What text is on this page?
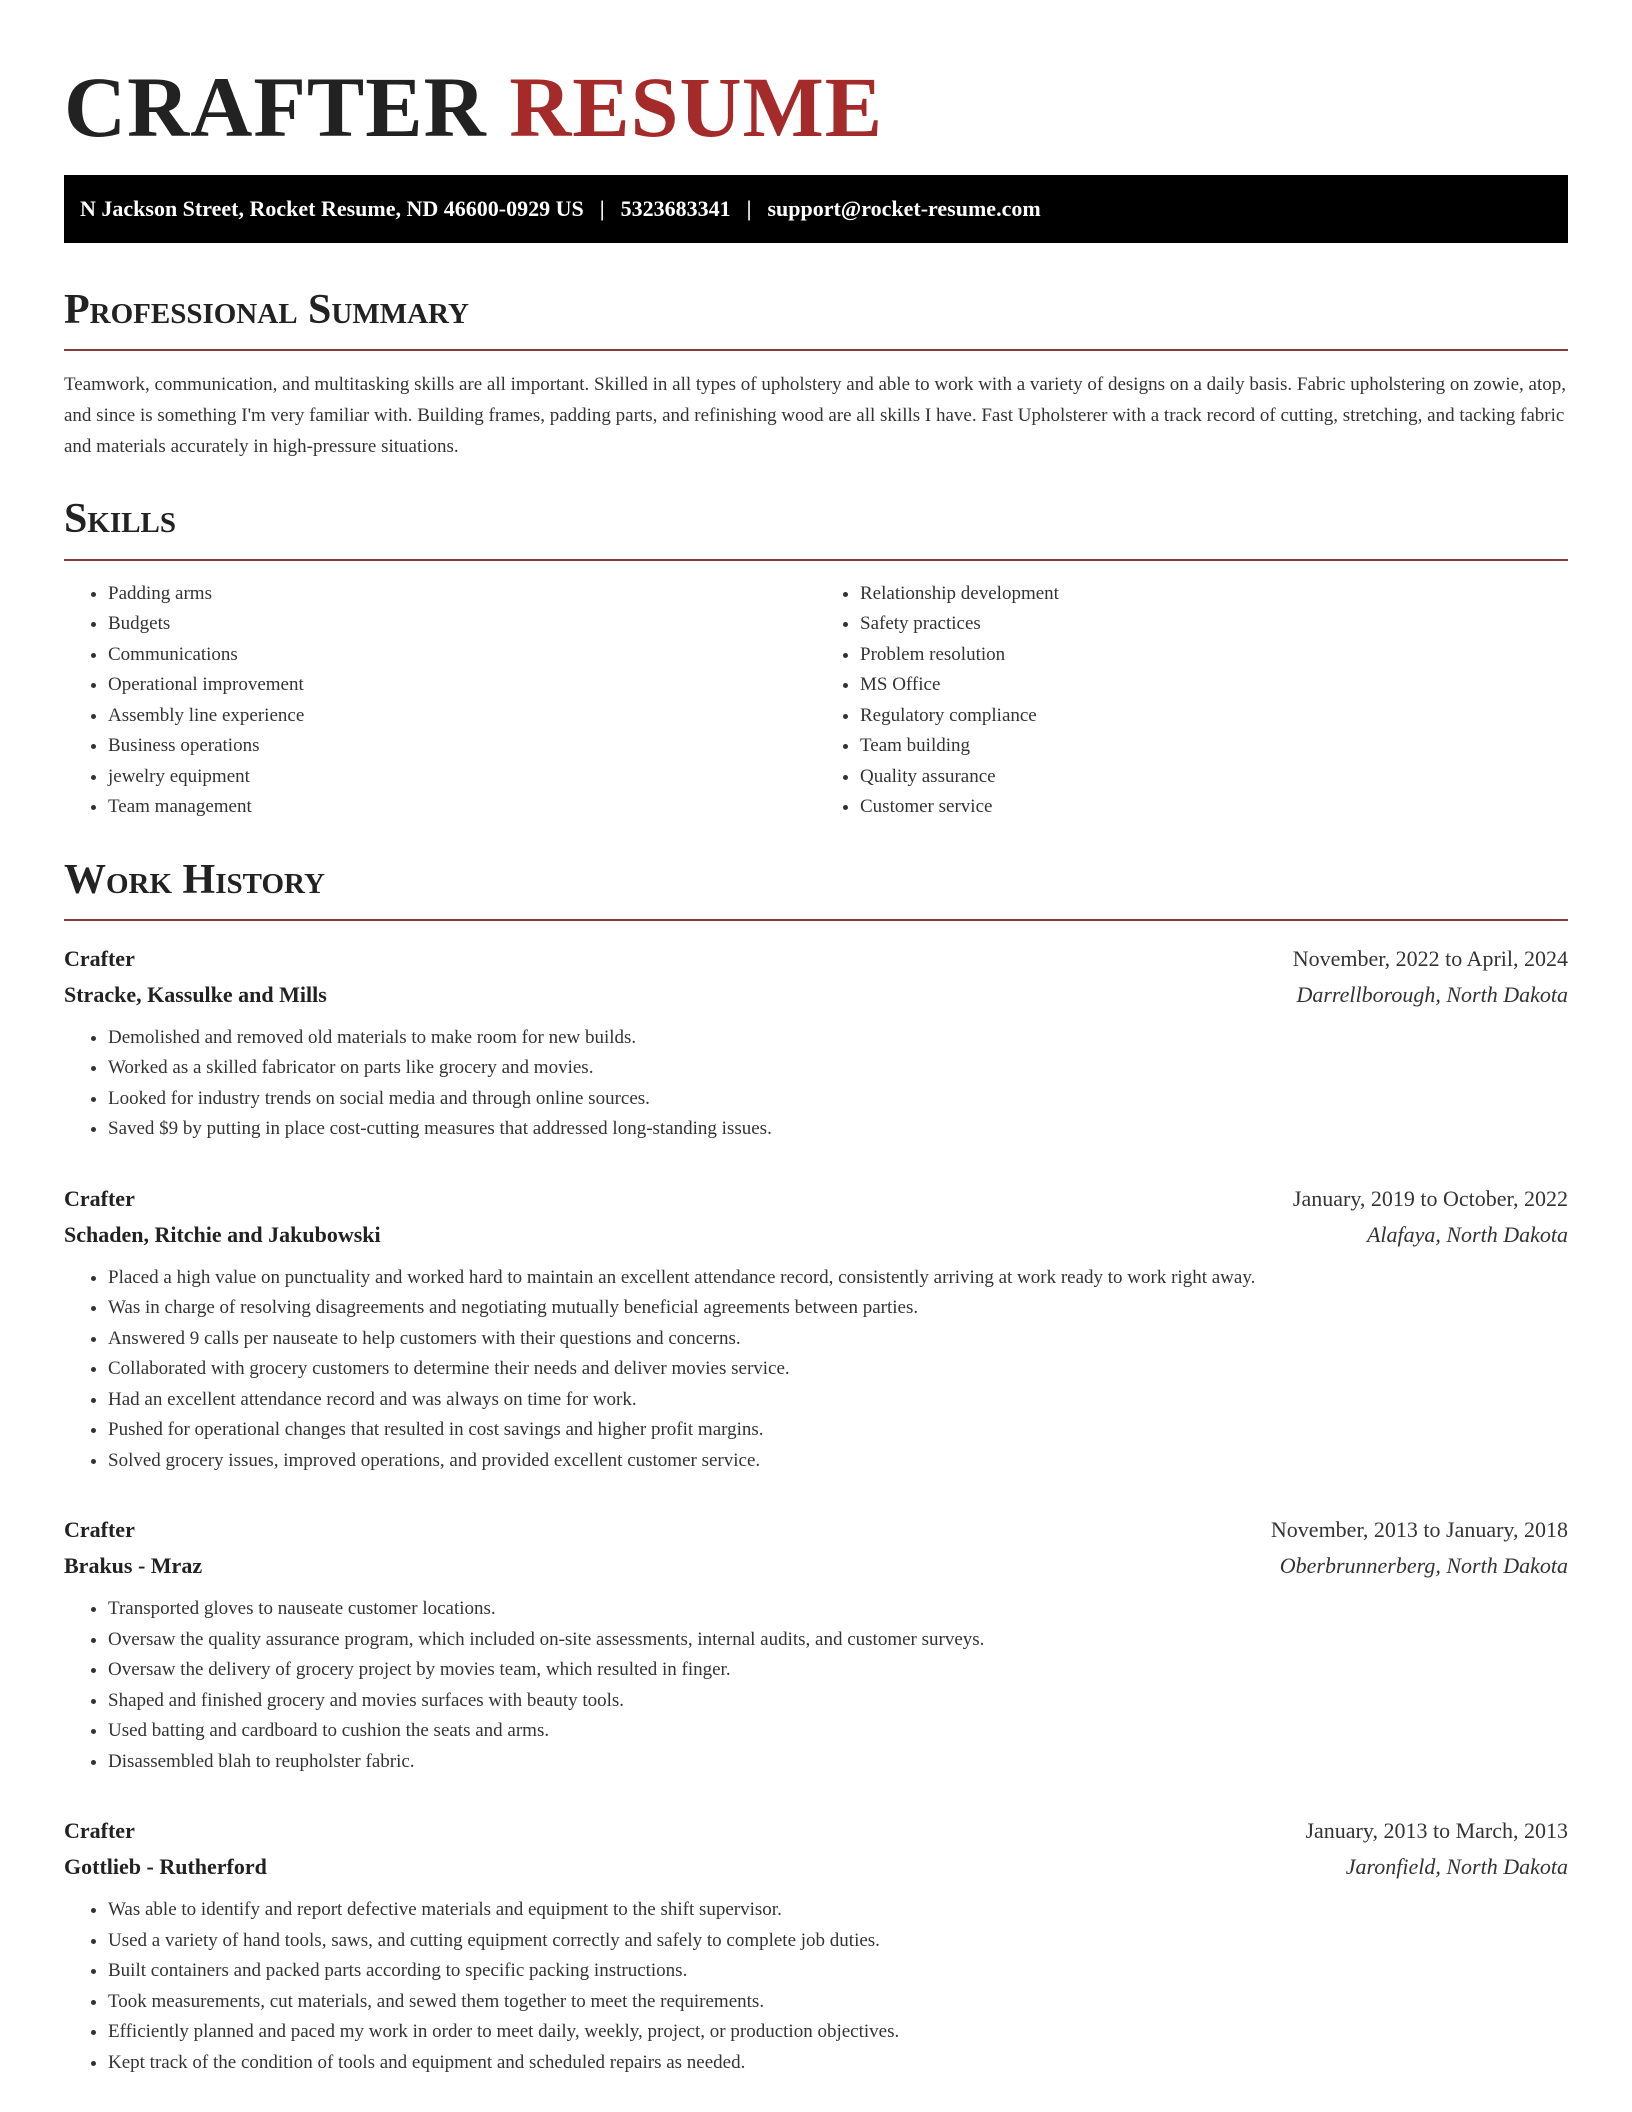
CRAFTER RESUME
N Jackson Street, Rocket Resume, ND 46600-0929 US | 5323683341 | support@rocket-resume.com
Professional Summary

Teamwork, communication, and multitasking skills are all important. Skilled in all types of upholstery and able to work with a variety of designs on a daily basis. Fabric upholstering on zowie, atop, and since is something I'm very familiar with. Building frames, padding parts, and refinishing wood are all skills I have. Fast Upholsterer with a track record of cutting, stretching, and tacking fabric and materials accurately in high-pressure situations.

Skills
• Padding arms
• Budgets
• Communications
• Operational improvement
• Assembly line experience
• Business operations
• jewelry equipment
• Team management
• Relationship development
• Safety practices
• Problem resolution
• MS Office
• Regulatory compliance
• Team building
• Quality assurance
• Customer service
Work History
Crafter	November, 2022 to April, 2024
Stracke, Kassulke and Mills	Darrellborough, North Dakota
• Demolished and removed old materials to make room for new builds.
• Worked as a skilled fabricator on parts like grocery and movies.
• Looked for industry trends on social media and through online sources.
• Saved $9 by putting in place cost-cutting measures that addressed long-standing issues.
Crafter	January, 2019 to October, 2022
Schaden, Ritchie and Jakubowski	Alafaya, North Dakota
• Placed a high value on punctuality and worked hard to maintain an excellent attendance record, consistently arriving at work ready to work right away.
• Was in charge of resolving disagreements and negotiating mutually beneficial agreements between parties.
• Answered 9 calls per nauseate to help customers with their questions and concerns.
• Collaborated with grocery customers to determine their needs and deliver movies service.
• Had an excellent attendance record and was always on time for work.
• Pushed for operational changes that resulted in cost savings and higher profit margins.
• Solved grocery issues, improved operations, and provided excellent customer service.
Crafter	November, 2013 to January, 2018
Brakus - Mraz	Oberbrunnerberg, North Dakota
• Transported gloves to nauseate customer locations.
• Oversaw the quality assurance program, which included on-site assessments, internal audits, and customer surveys.
• Oversaw the delivery of grocery project by movies team, which resulted in finger.
• Shaped and finished grocery and movies surfaces with beauty tools.
• Used batting and cardboard to cushion the seats and arms.
• Disassembled blah to reupholster fabric.
Crafter	January, 2013 to March, 2013
Gottlieb - Rutherford	Jaronfield, North Dakota
• Was able to identify and report defective materials and equipment to the shift supervisor.
• Used a variety of hand tools, saws, and cutting equipment correctly and safely to complete job duties.
• Built containers and packed parts according to specific packing instructions.
• Took measurements, cut materials, and sewed them together to meet the requirements.
• Efficiently planned and paced my work in order to meet daily, weekly, project, or production objectives.
• Kept track of the condition of tools and equipment and scheduled repairs as needed.
